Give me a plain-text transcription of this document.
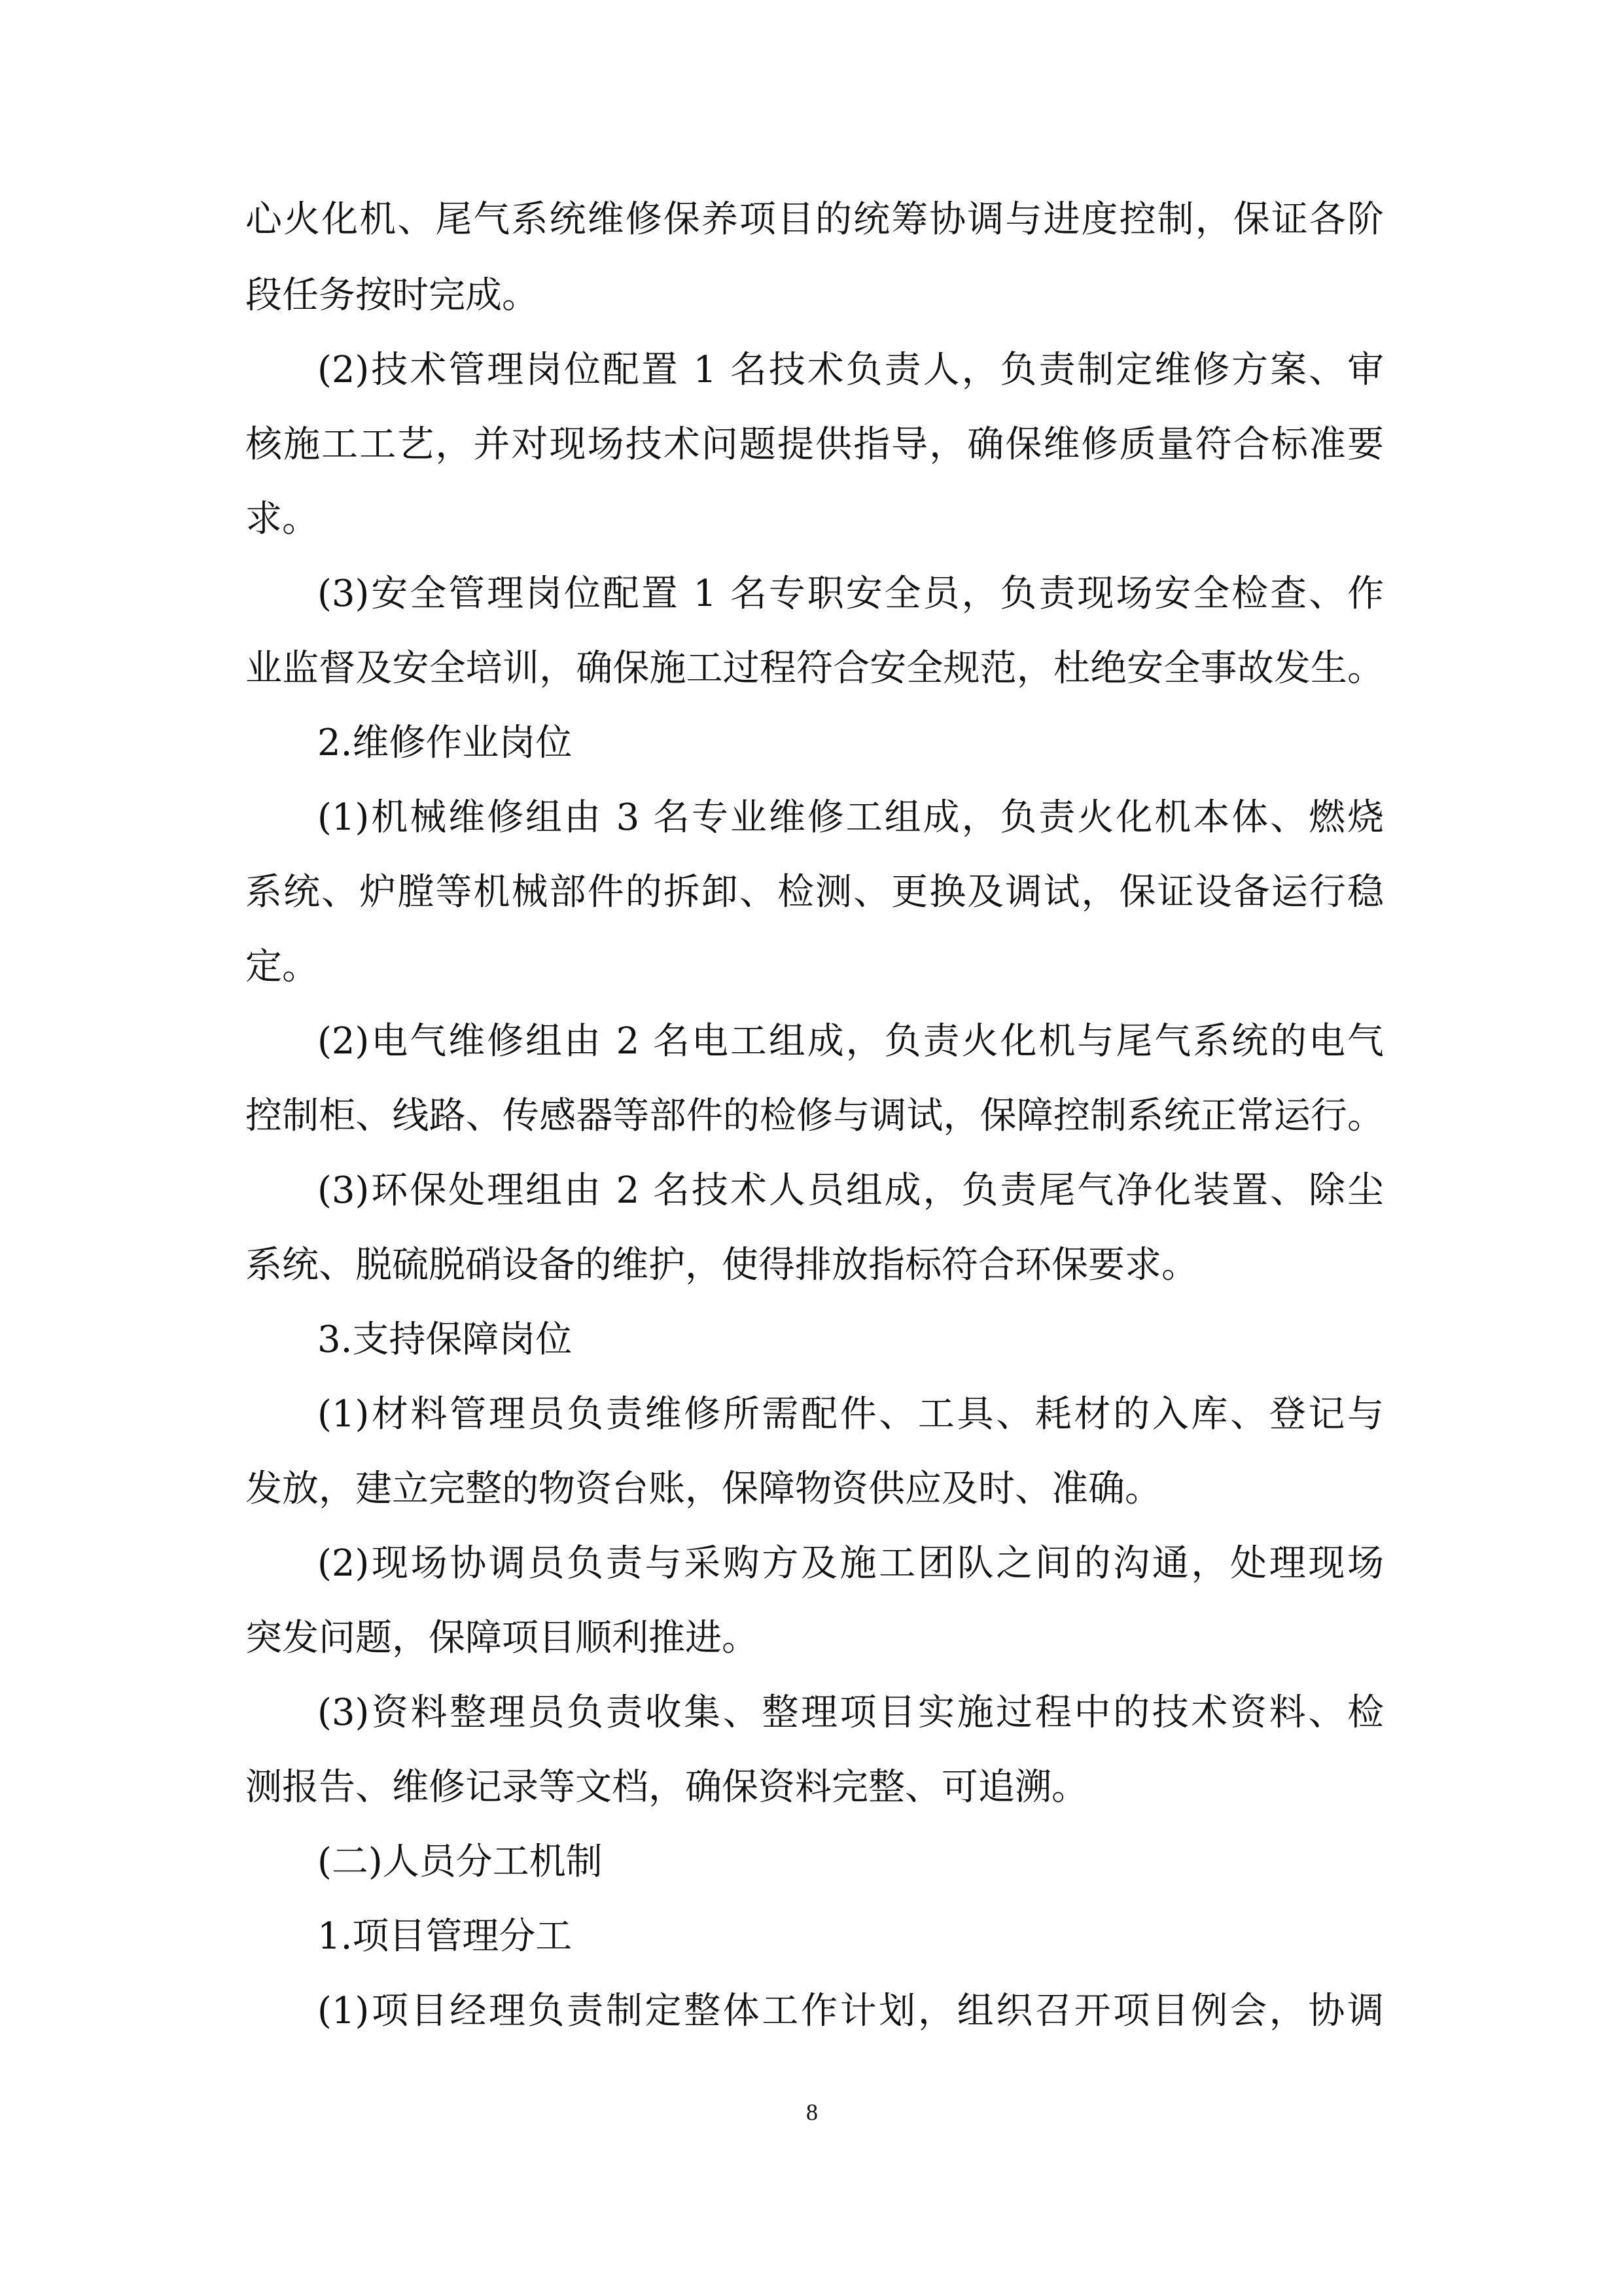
心火化机、尾气系统维修保养项目的统筹协调与进度控制，保证各阶
段任务按时完成。
(2)技术管理岗位配置 1 名技术负责人，负责制定维修方案、审
核施工工艺，并对现场技术问题提供指导，确保维修质量符合标准要
求。
(3)安全管理岗位配置 1 名专职安全员，负责现场安全检查、作
业监督及安全培训，确保施工过程符合安全规范，杜绝安全事故发生。
2.维修作业岗位
(1)机械维修组由 3 名专业维修工组成，负责火化机本体、燃烧
系统、炉膛等机械部件的拆卸、检测、更换及调试，保证设备运行稳
定。
(2)电气维修组由 2 名电工组成，负责火化机与尾气系统的电气
控制柜、线路、传感器等部件的检修与调试，保障控制系统正常运行。
(3)环保处理组由 2 名技术人员组成，负责尾气净化装置、除尘
系统、脱硫脱硝设备的维护，使得排放指标符合环保要求。
3.支持保障岗位
(1)材料管理员负责维修所需配件、工具、耗材的入库、登记与
发放，建立完整的物资台账，保障物资供应及时、准确。
(2)现场协调员负责与采购方及施工团队之间的沟通，处理现场
突发问题，保障项目顺利推进。
(3)资料整理员负责收集、整理项目实施过程中的技术资料、检
测报告、维修记录等文档，确保资料完整、可追溯。
(二)人员分工机制
1.项目管理分工
(1)项目经理负责制定整体工作计划，组织召开项目例会，协调
8
